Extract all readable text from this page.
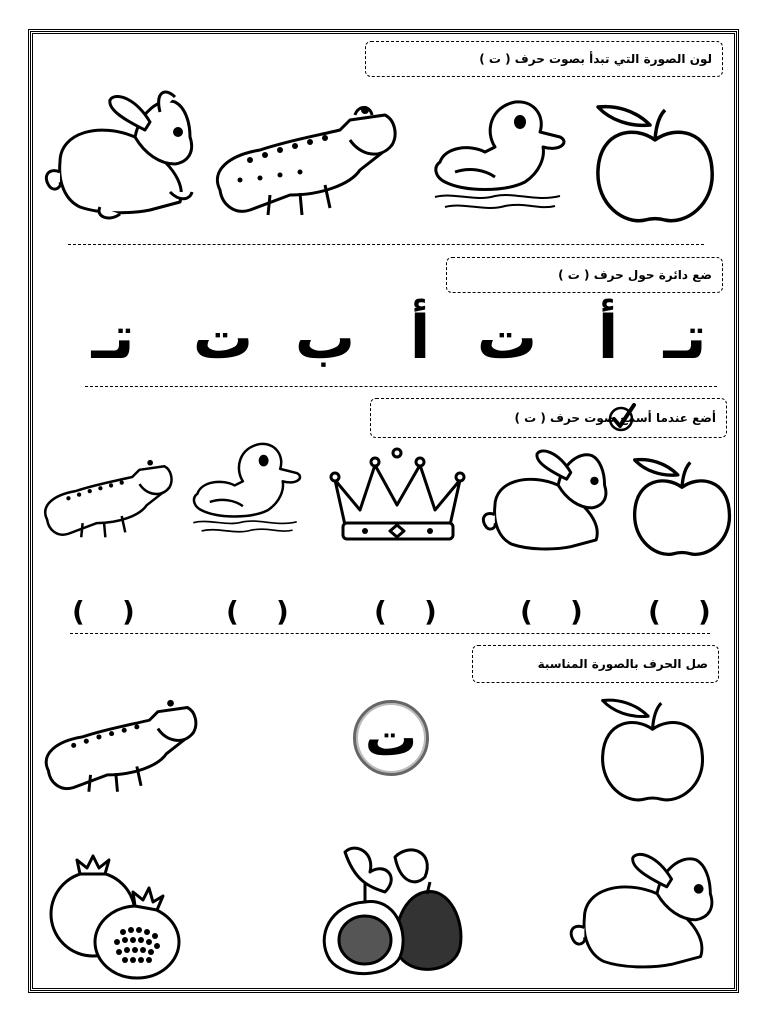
لون الصورة التي تبدأ بصوت حرف ( ت )
ضع دائرة حول حرف ( ت )
تـ
أ
ت
أ
ب
ت
تـ
أضع عندما أسمع صوت حرف ( ت )
( )	( )	( )	( ) ( )
صل الحرف بالصورة المناسبة
ت
